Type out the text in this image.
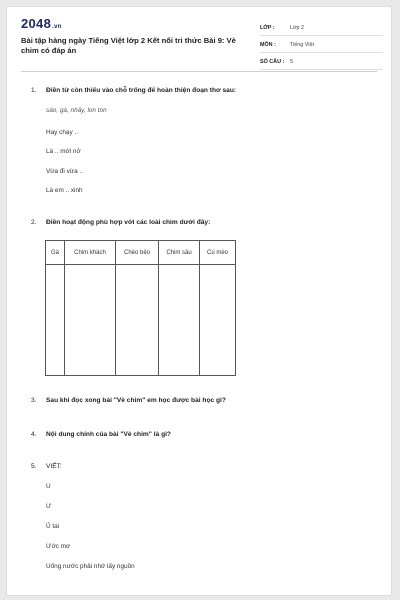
2048.vn
Bài tập hàng ngày Tiếng Việt lớp 2 Kết nối tri thức Bài 9: Vè chim có đáp án
LỚP :	Lớp 2
MÔN :	Tiếng Việt
SỐ CÂU :	5
1.	Điền từ còn thiếu vào chỗ trống để hoàn thiện đoạn thơ sau:
sáo, gà, nhảy, lon ton
Hay chạy ..
Là .. mới nở
Vừa đi vừa ..
Là em .. xinh
2.	Điền hoạt động phù hợp với các loài chim dưới đây:
Gà	Chim khách	Chèo bẻo	Chim sâu	Cú mèo
3.	Sau khi đọc xong bài "Vè chim" em học được bài học gì?
4.	Nội dung chính của bài "Vè chim" là gì?
5.	VIẾT:
U
Ư
Ủ tai
Ước mơ
Uống nước phải nhớ lấy nguồn
